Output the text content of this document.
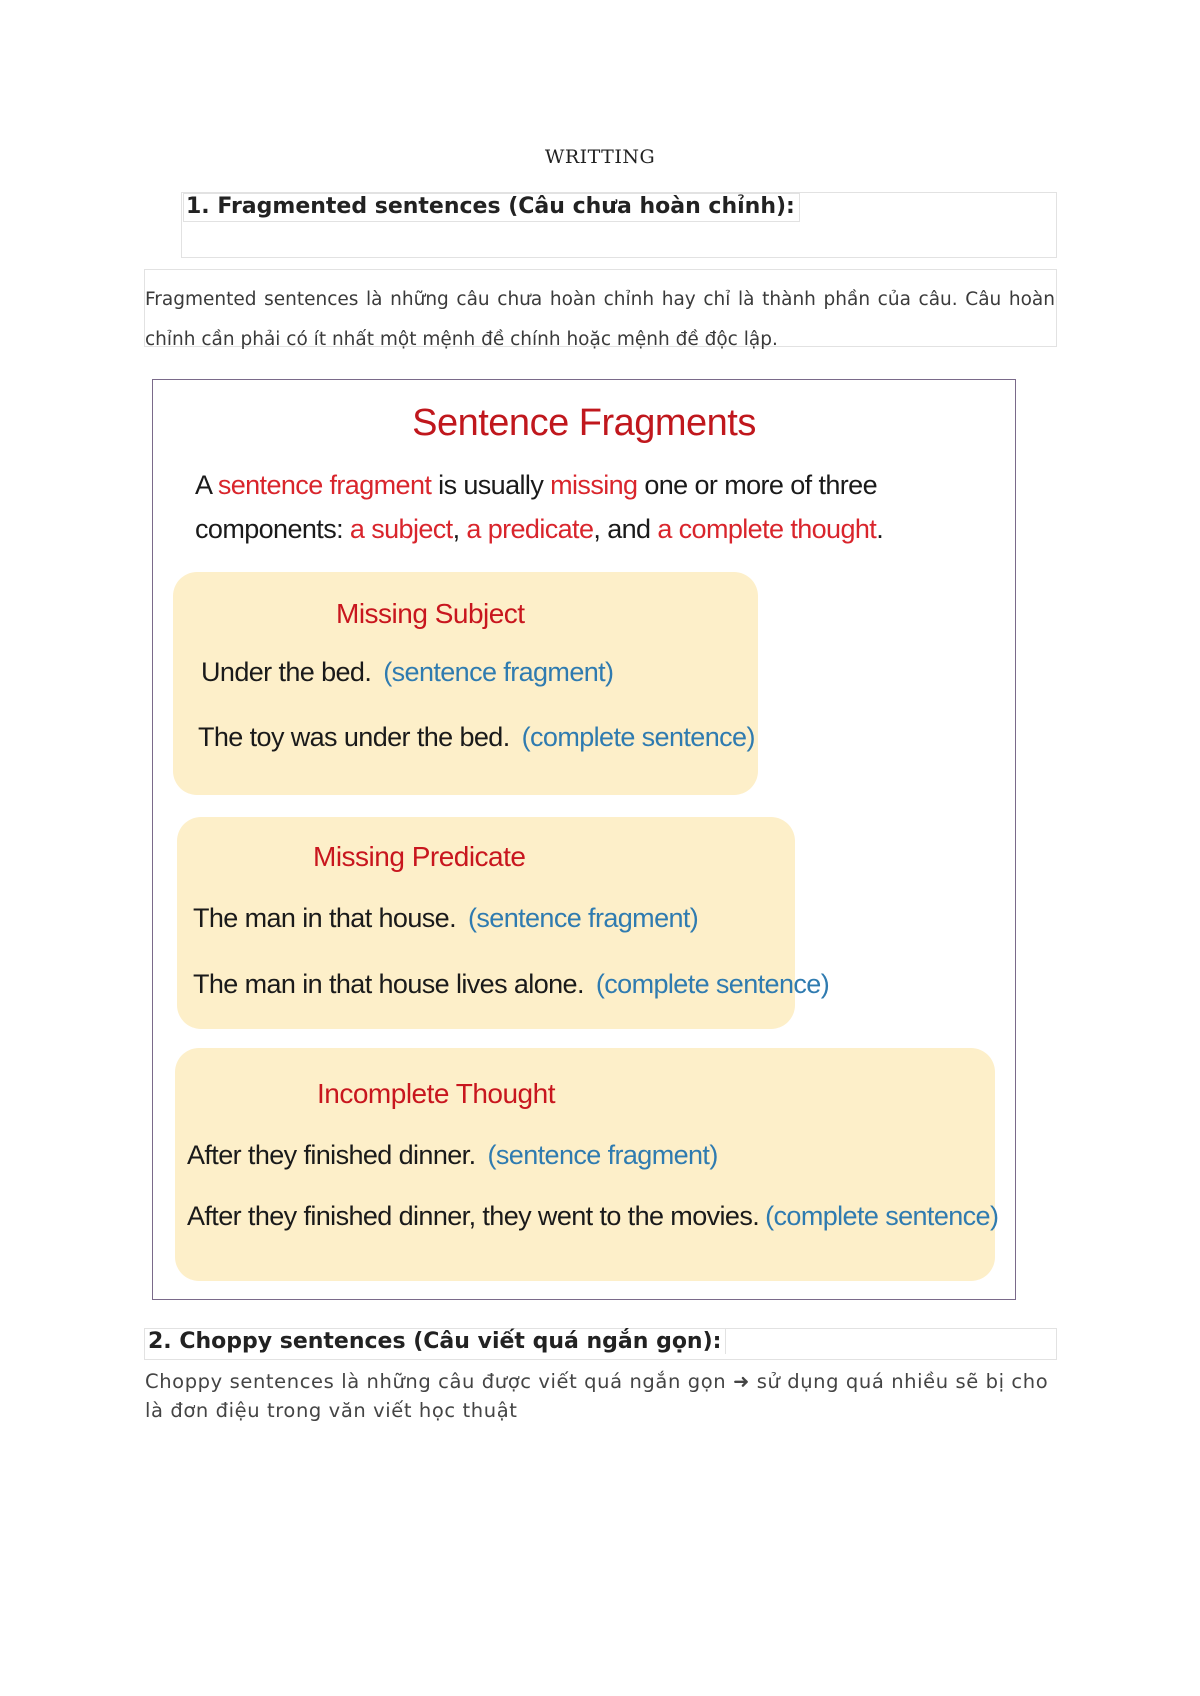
WRITTING
1. Fragmented sentences (Câu chưa hoàn chỉnh):
Fragmented sentences là những câu chưa hoàn chỉnh hay chỉ là thành phần của câu. Câu hoàn chỉnh cần phải có ít nhất một mệnh đề chính hoặc mệnh đề độc lập.
Sentence Fragments
A sentence fragment is usually missing one or more of three components: a subject, a predicate, and a complete thought.
Missing Subject
Under the bed. (sentence fragment)
The toy was under the bed. (complete sentence)
Missing Predicate
The man in that house. (sentence fragment)
The man in that house lives alone. (complete sentence)
Incomplete Thought
After they finished dinner. (sentence fragment)
After they finished dinner, they went to the movies. (complete sentence)
2. Choppy sentences (Câu viết quá ngắn gọn):
Choppy sentences là những câu được viết quá ngắn gọn ➜ sử dụng quá nhiều sẽ bị cho là đơn điệu trong văn viết học thuật
